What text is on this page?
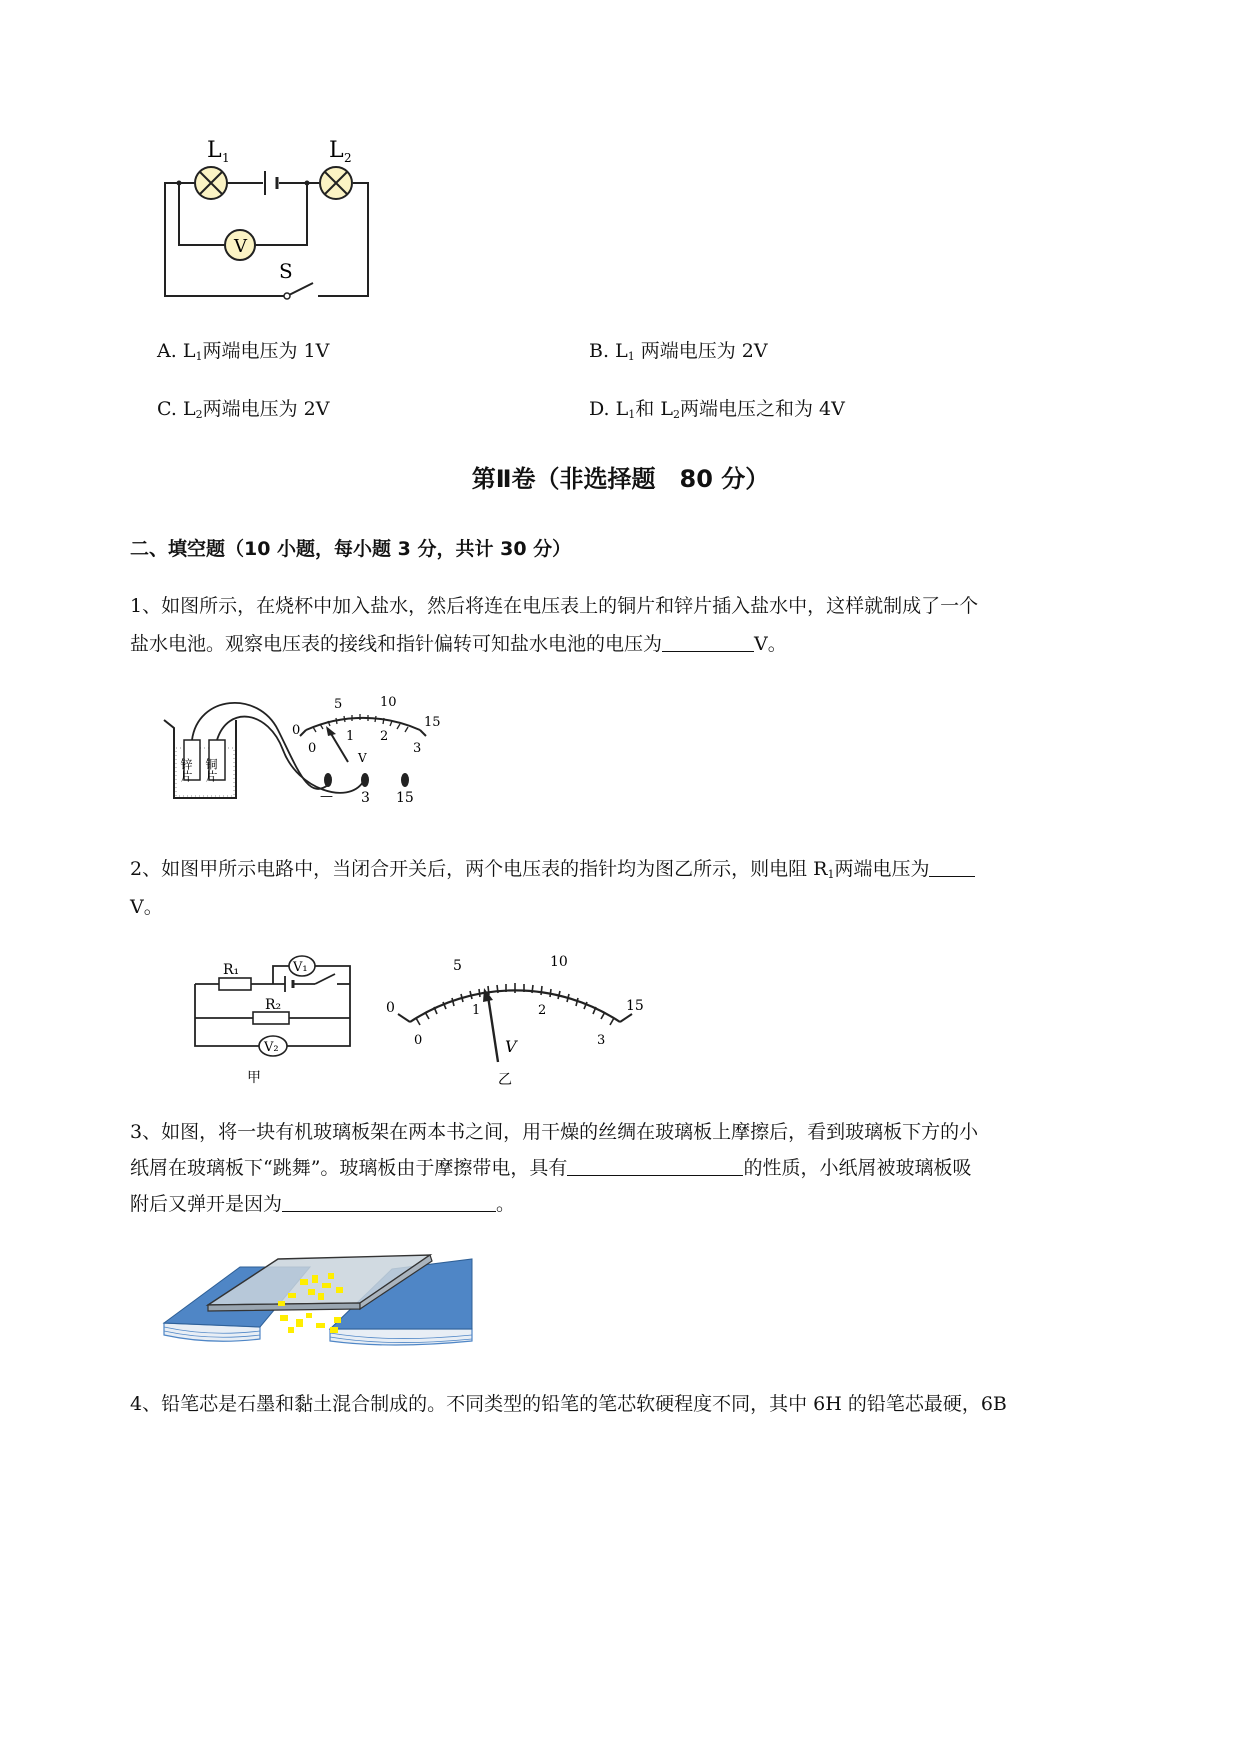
L 1	L 2
V
S
A. $L_1$两端电压为 1V	B. $L_1$ 两端电压为 2V
C. $L_2$两端电压为 2V	D. $L_1$和 $L_2$两端电压之和为 4V
第Ⅱ卷（非选择题　80 分）
二、填空题（10 小题，每小题 3 分，共计 30 分）
1、如图所示，在烧杯中加入盐水，然后将连在电压表上的铜片和锌片插入盐水中，这样就制成了一个
盐水电池。观察电压表的接线和指针偏转可知盐水电池的电压为	V。
锌片 铜片
0
5	10
15
0
1 2
3
V
— 3 15
2、如图甲所示电路中，当闭合开关后，两个电压表的指针均为图乙所示，则电阻 $R_1$两端电压为
V。
R₁
R₂
V₁
V₂
甲
0
5	10
15
0
1	2
3
V
乙
3、如图，将一块有机玻璃板架在两本书之间，用干燥的丝绸在玻璃板上摩擦后，看到玻璃板下方的小
纸屑在玻璃板下“跳舞”。玻璃板由于摩擦带电，具有	的性质，小纸屑被玻璃板吸
附后又弹开是因为	。
4、铅笔芯是石墨和黏土混合制成的。不同类型的铅笔的笔芯软硬程度不同，其中 6H 的铅笔芯最硬，6B
